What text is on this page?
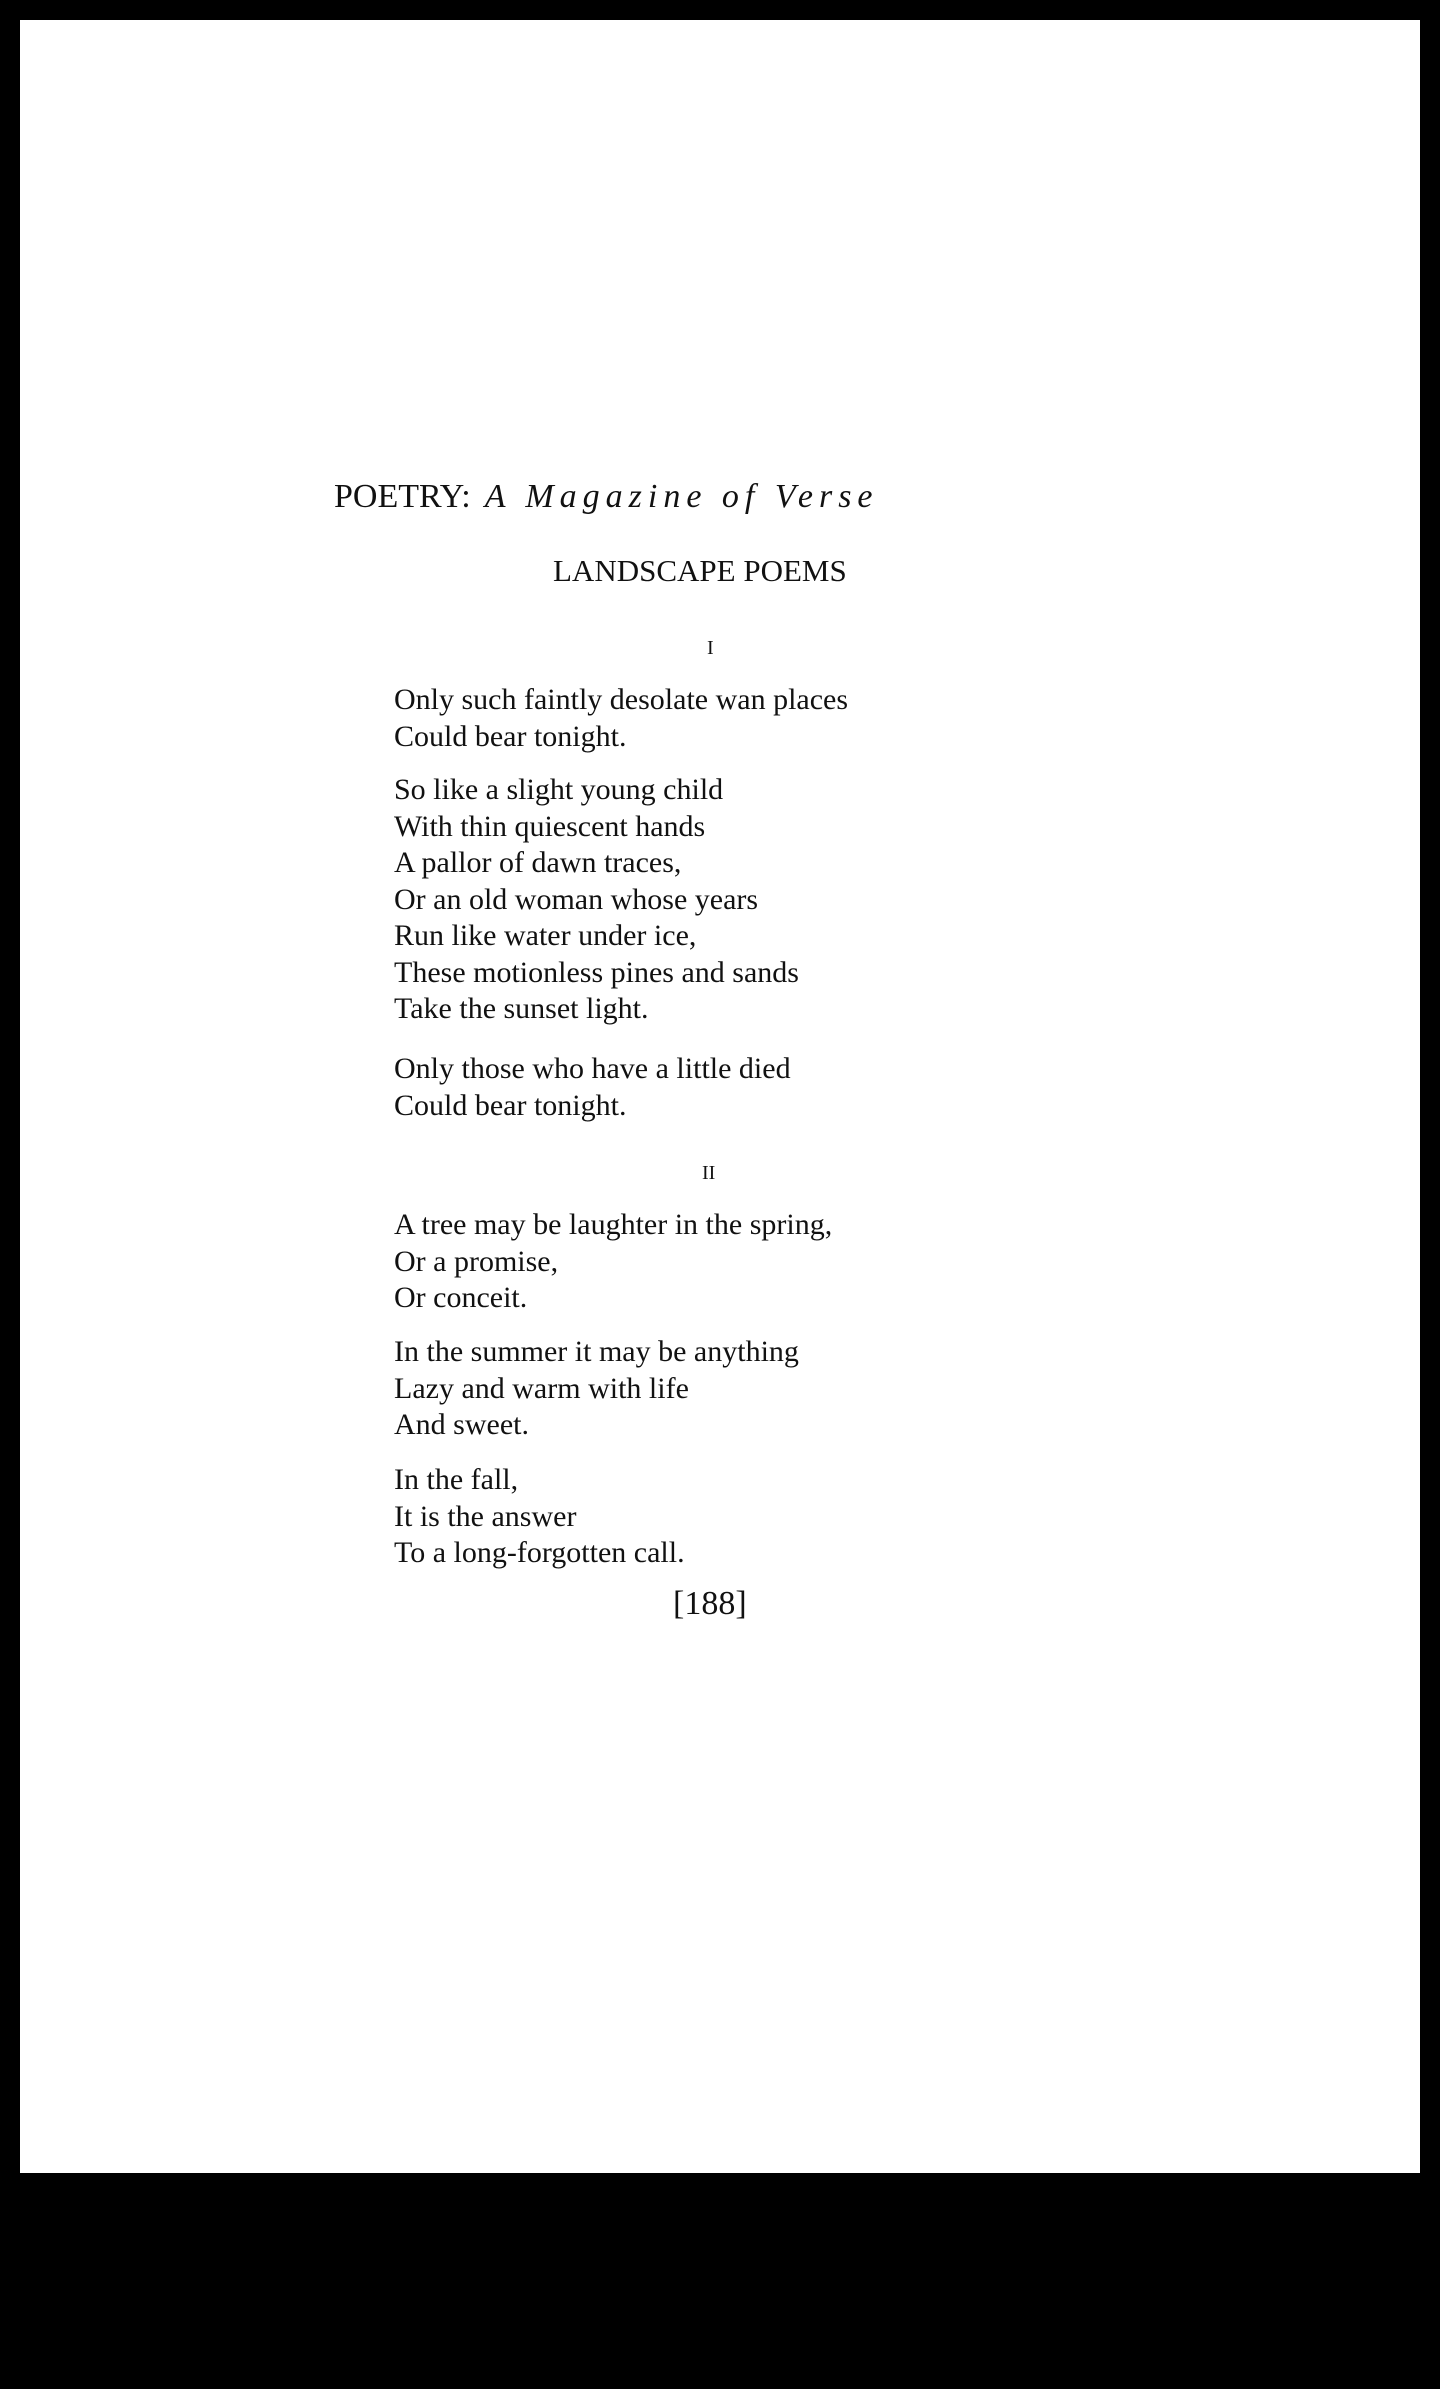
POETRY: A Magazine of Verse
LANDSCAPE POEMS
I
Only such faintly desolate wan places
Could bear tonight.
So like a slight young child
With thin quiescent hands
A pallor of dawn traces,
Or an old woman whose years
Run like water under ice,
These motionless pines and sands
Take the sunset light.
Only those who have a little died
Could bear tonight.
II
A tree may be laughter in the spring,
Or a promise,
Or conceit.
In the summer it may be anything
Lazy and warm with life
And sweet.
In the fall,
It is the answer
To a long-forgotten call.
[188]
